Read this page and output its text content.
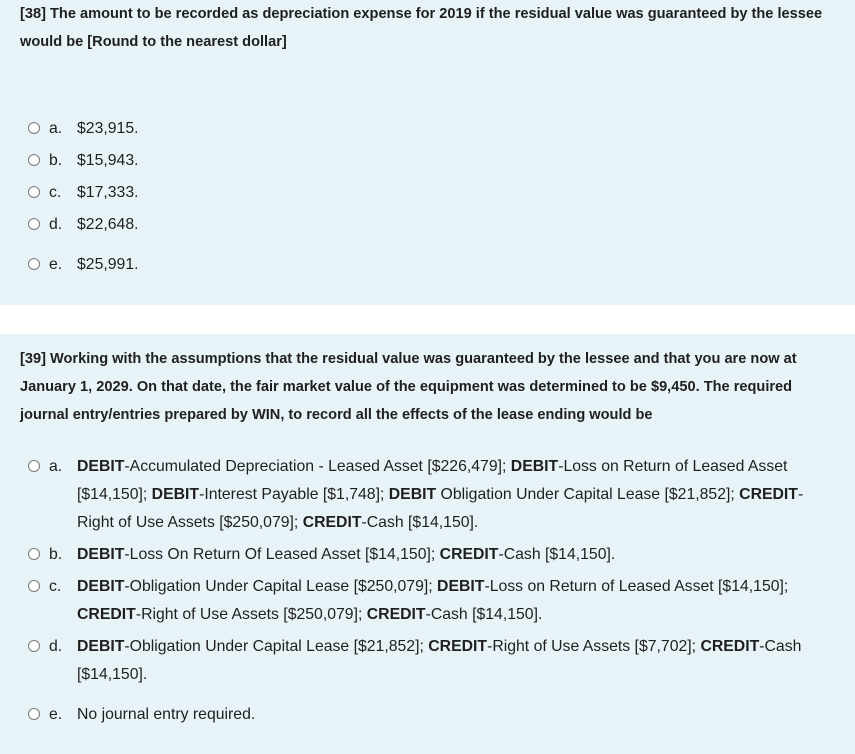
[38] The amount to be recorded as depreciation expense for 2019 if the residual value was guaranteed by the lessee would be [Round to the nearest dollar]
a. $23,915.
b. $15,943.
c. $17,333.
d. $22,648.
e. $25,991.
[39] Working with the assumptions that the residual value was guaranteed by the lessee and that you are now at January 1, 2029. On that date, the fair market value of the equipment was determined to be $9,450. The required journal entry/entries prepared by WIN, to record all the effects of the lease ending would be
a. DEBIT-Accumulated Depreciation - Leased Asset [$226,479]; DEBIT-Loss on Return of Leased Asset [$14,150]; DEBIT-Interest Payable [$1,748]; DEBIT Obligation Under Capital Lease [$21,852]; CREDIT-Right of Use Assets [$250,079]; CREDIT-Cash [$14,150].
b. DEBIT-Loss On Return Of Leased Asset [$14,150]; CREDIT-Cash [$14,150].
c. DEBIT-Obligation Under Capital Lease [$250,079]; DEBIT-Loss on Return of Leased Asset [$14,150]; CREDIT-Right of Use Assets [$250,079]; CREDIT-Cash [$14,150].
d. DEBIT-Obligation Under Capital Lease [$21,852]; CREDIT-Right of Use Assets [$7,702]; CREDIT-Cash [$14,150].
e. No journal entry required.
